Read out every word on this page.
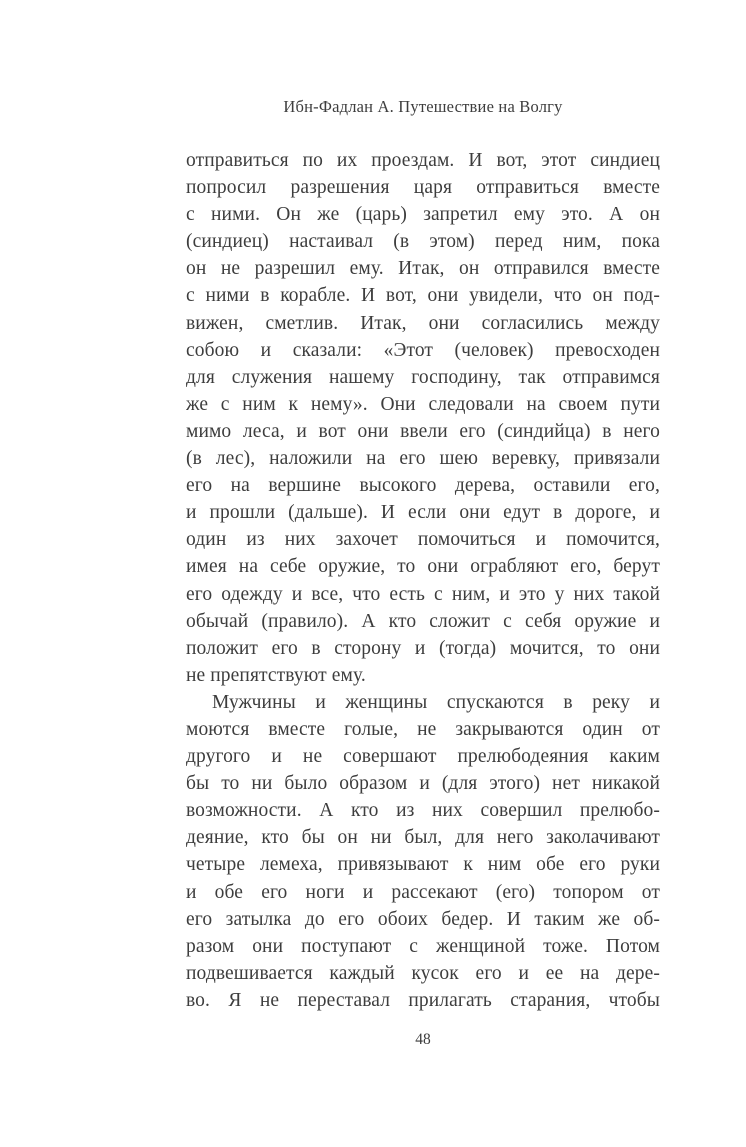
Ибн-Фадлан А. Путешествие на Волгу
отправиться по их проездам. И вот, этот синдиец
попросил разрешения царя отправиться вместе
с ними. Он же (царь) запретил ему это. А он
(синдиец) настаивал (в этом) перед ним, пока
он не разрешил ему. Итак, он отправился вместе
с ними в корабле. И вот, они увидели, что он под-
вижен, сметлив. Итак, они согласились между
собою и сказали: «Этот (человек) превосходен
для служения нашему господину, так отправимся
же с ним к нему». Они следовали на своем пути
мимо леса, и вот они ввели его (синдийца) в него
(в лес), наложили на его шею веревку, привязали
его на вершине высокого дерева, оставили его,
и прошли (дальше). И если они едут в дороге, и
один из них захочет помочиться и помочится,
имея на себе оружие, то они ограбляют его, берут
его одежду и все, что есть с ним, и это у них такой
обычай (правило). А кто сложит с себя оружие и
положит его в сторону и (тогда) мочится, то они
не препятствуют ему.
Мужчины и женщины спускаются в реку и
моются вместе голые, не закрываются один от
другого и не совершают прелюбодеяния каким
бы то ни было образом и (для этого) нет никакой
возможности. А кто из них совершил прелюбо-
деяние, кто бы он ни был, для него заколачивают
четыре лемеха, привязывают к ним обе его руки
и обе его ноги и рассекают (его) топором от
его затылка до его обоих бедер. И таким же об-
разом они поступают с женщиной тоже. Потом
подвешивается каждый кусок его и ее на дере-
во. Я не переставал прилагать старания, чтобы
48
